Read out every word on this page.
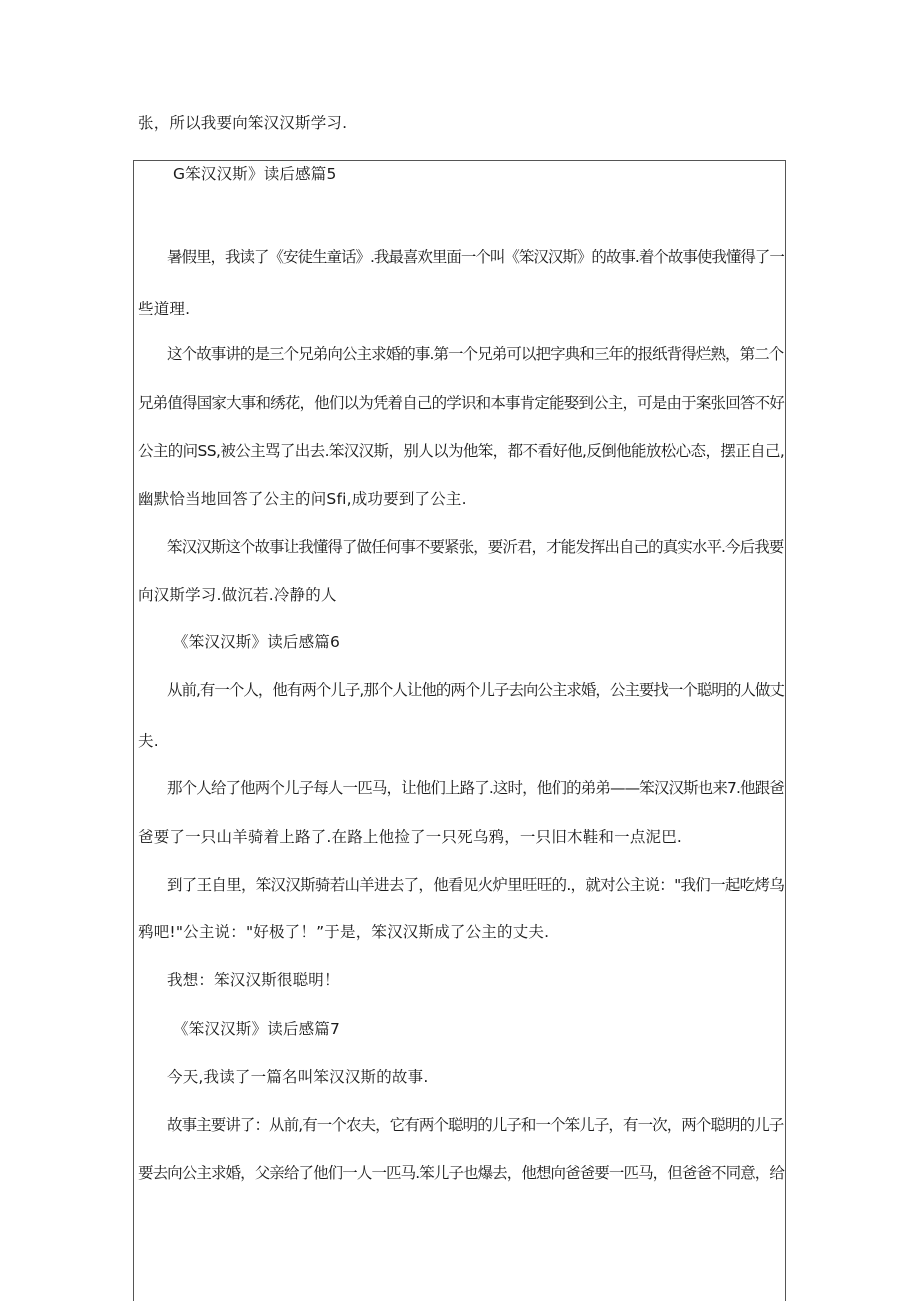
张，所以我要向笨汉汉斯学习.
G笨汉汉斯》读后感篇5
暑假里，我读了《安徒生童话》.我最喜欢里面一个叫《笨汉汉斯》的故事.着个故事使我懂得了一
些道理.
这个故事讲的是三个兄弟向公主求婚的事.第一个兄弟可以把字典和三年的报纸背得烂熟，第二个
兄弟值得国家大事和绣花，他们以为凭着自己的学识和本事肯定能娶到公主，可是由于案张回答不好
公主的问SS,被公主骂了出去.笨汉汉斯，别人以为他笨，都不看好他,反倒他能放松心态，摆正自己,
幽默恰当地回答了公主的问Sfi,成功要到了公主.
笨汉汉斯这个故事让我懂得了做任何事不要紧张，要沂君，才能发挥出自己的真实水平.今后我要
向汉斯学习.做沉若.冷静的人
《笨汉汉斯》读后感篇6
从前,有一个人，他有两个儿子,那个人让他的两个儿子去向公主求婚，公主要找一个聪明的人做丈
夫.
那个人给了他两个儿子每人一匹马，让他们上路了.这时，他们的弟弟——笨汉汉斯也来7.他跟爸
爸要了一只山羊骑着上路了.在路上他捡了一只死乌鸦，一只旧木鞋和一点泥巴.
到了王自里，笨汉汉斯骑若山羊进去了，他看见火炉里旺旺的.，就对公主说："我们一起吃烤乌
鸦吧!"公主说："好极了！”于是，笨汉汉斯成了公主的丈夫.
我想：笨汉汉斯很聪明！
《笨汉汉斯》读后感篇7
今天,我读了一篇名叫笨汉汉斯的故事.
故事主要讲了：从前,有一个农夫，它有两个聪明的儿子和一个笨儿子，有一次，两个聪明的儿子
要去向公主求婚，父亲给了他们一人一匹马.笨儿子也爆去，他想向爸爸要一匹马，但爸爸不同意，给
